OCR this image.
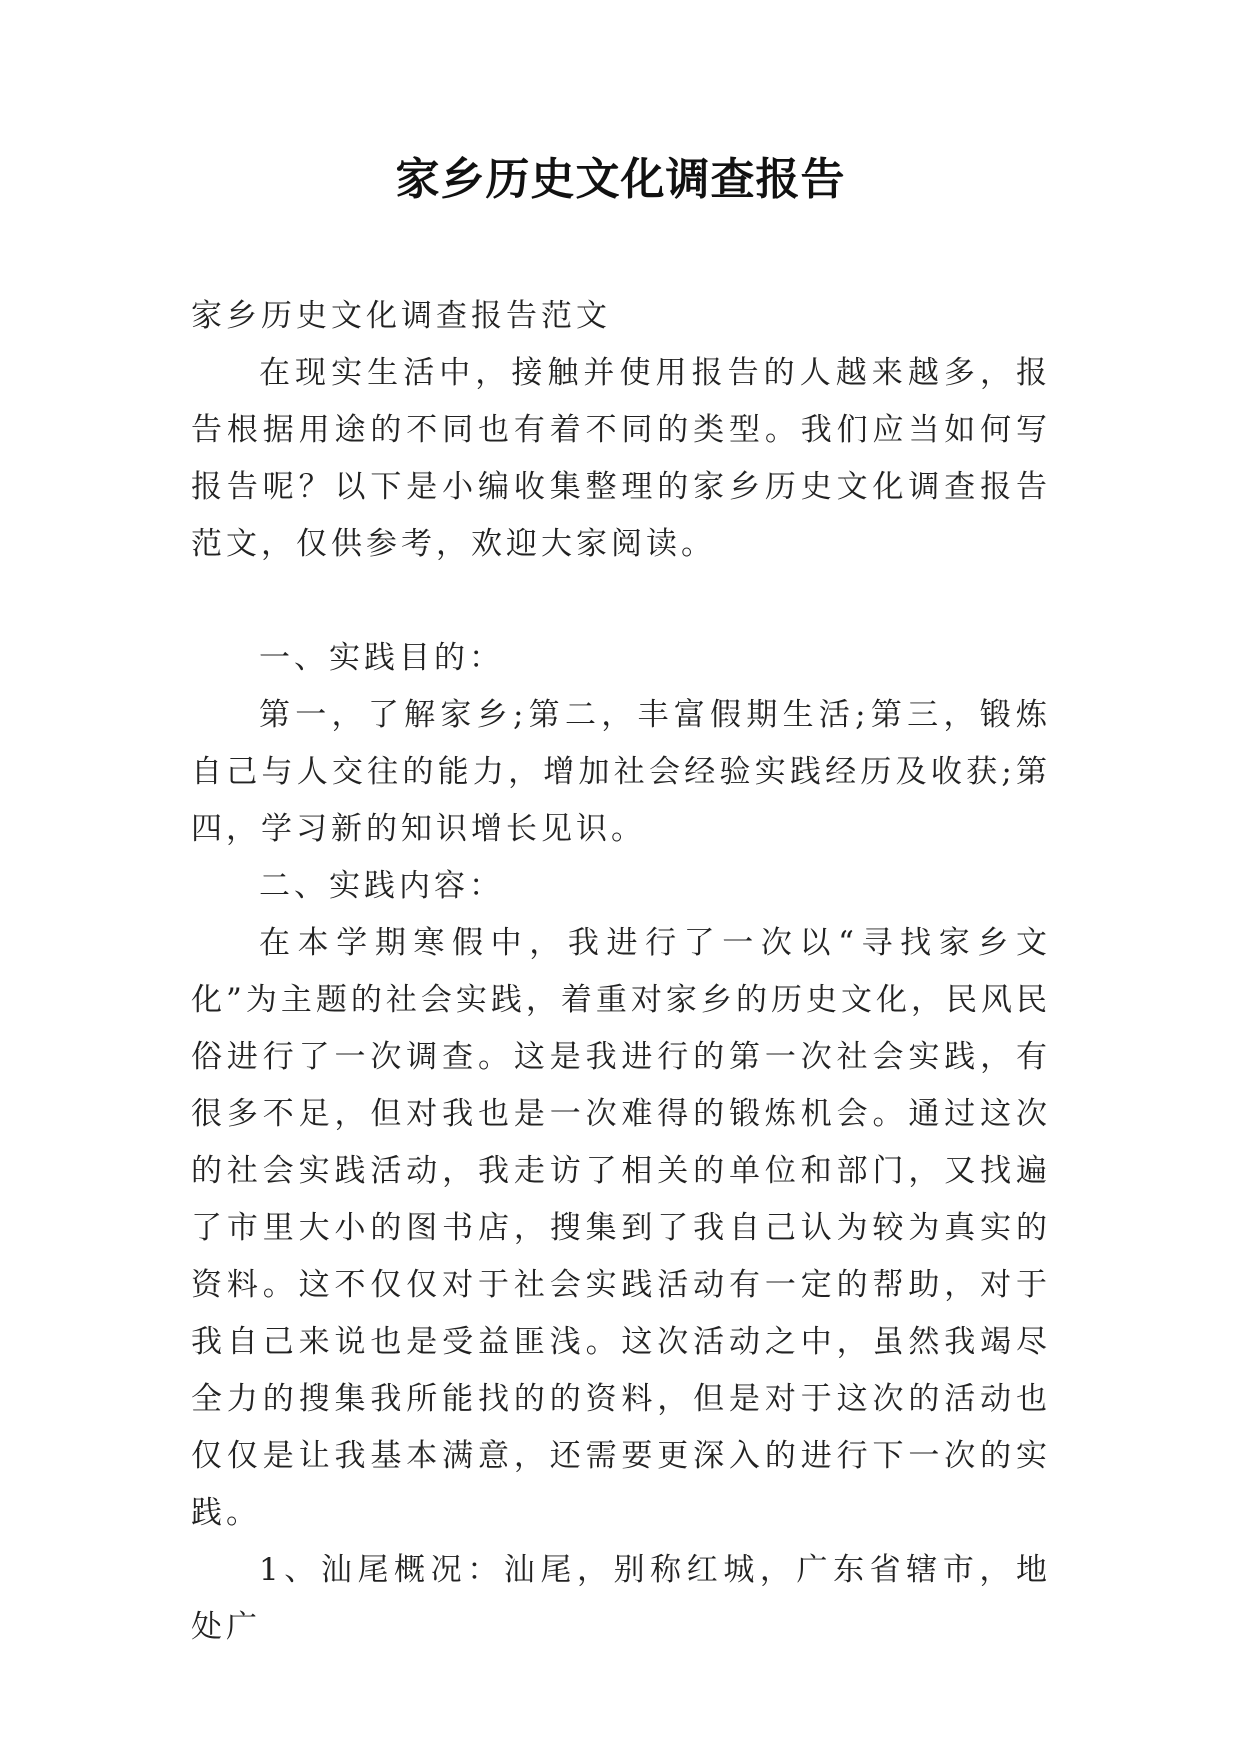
家乡历史文化调查报告

家乡历史文化调查报告范文

在现实生活中，接触并使用报告的人越来越多，报告根据用途的不同也有着不同的类型。我们应当如何写报告呢？以下是小编收集整理的家乡历史文化调查报告范文，仅供参考，欢迎大家阅读。

一、实践目的：

第一，了解家乡;第二，丰富假期生活;第三，锻炼自己与人交往的能力，增加社会经验实践经历及收获;第四，学习新的知识增长见识。

二、实践内容：

在本学期寒假中，我进行了一次以“寻找家乡文化”为主题的社会实践，着重对家乡的历史文化，民风民俗进行了一次调查。这是我进行的第一次社会实践，有很多不足，但对我也是一次难得的锻炼机会。通过这次的社会实践活动，我走访了相关的单位和部门，又找遍了市里大小的图书店，搜集到了我自己认为较为真实的资料。这不仅仅对于社会实践活动有一定的帮助，对于我自己来说也是受益匪浅。这次活动之中，虽然我竭尽全力的搜集我所能找的的资料，但是对于这次的活动也仅仅是让我基本满意，还需要更深入的进行下一次的实践。

1、汕尾概况：汕尾，别称红城，广东省辖市，地处广
